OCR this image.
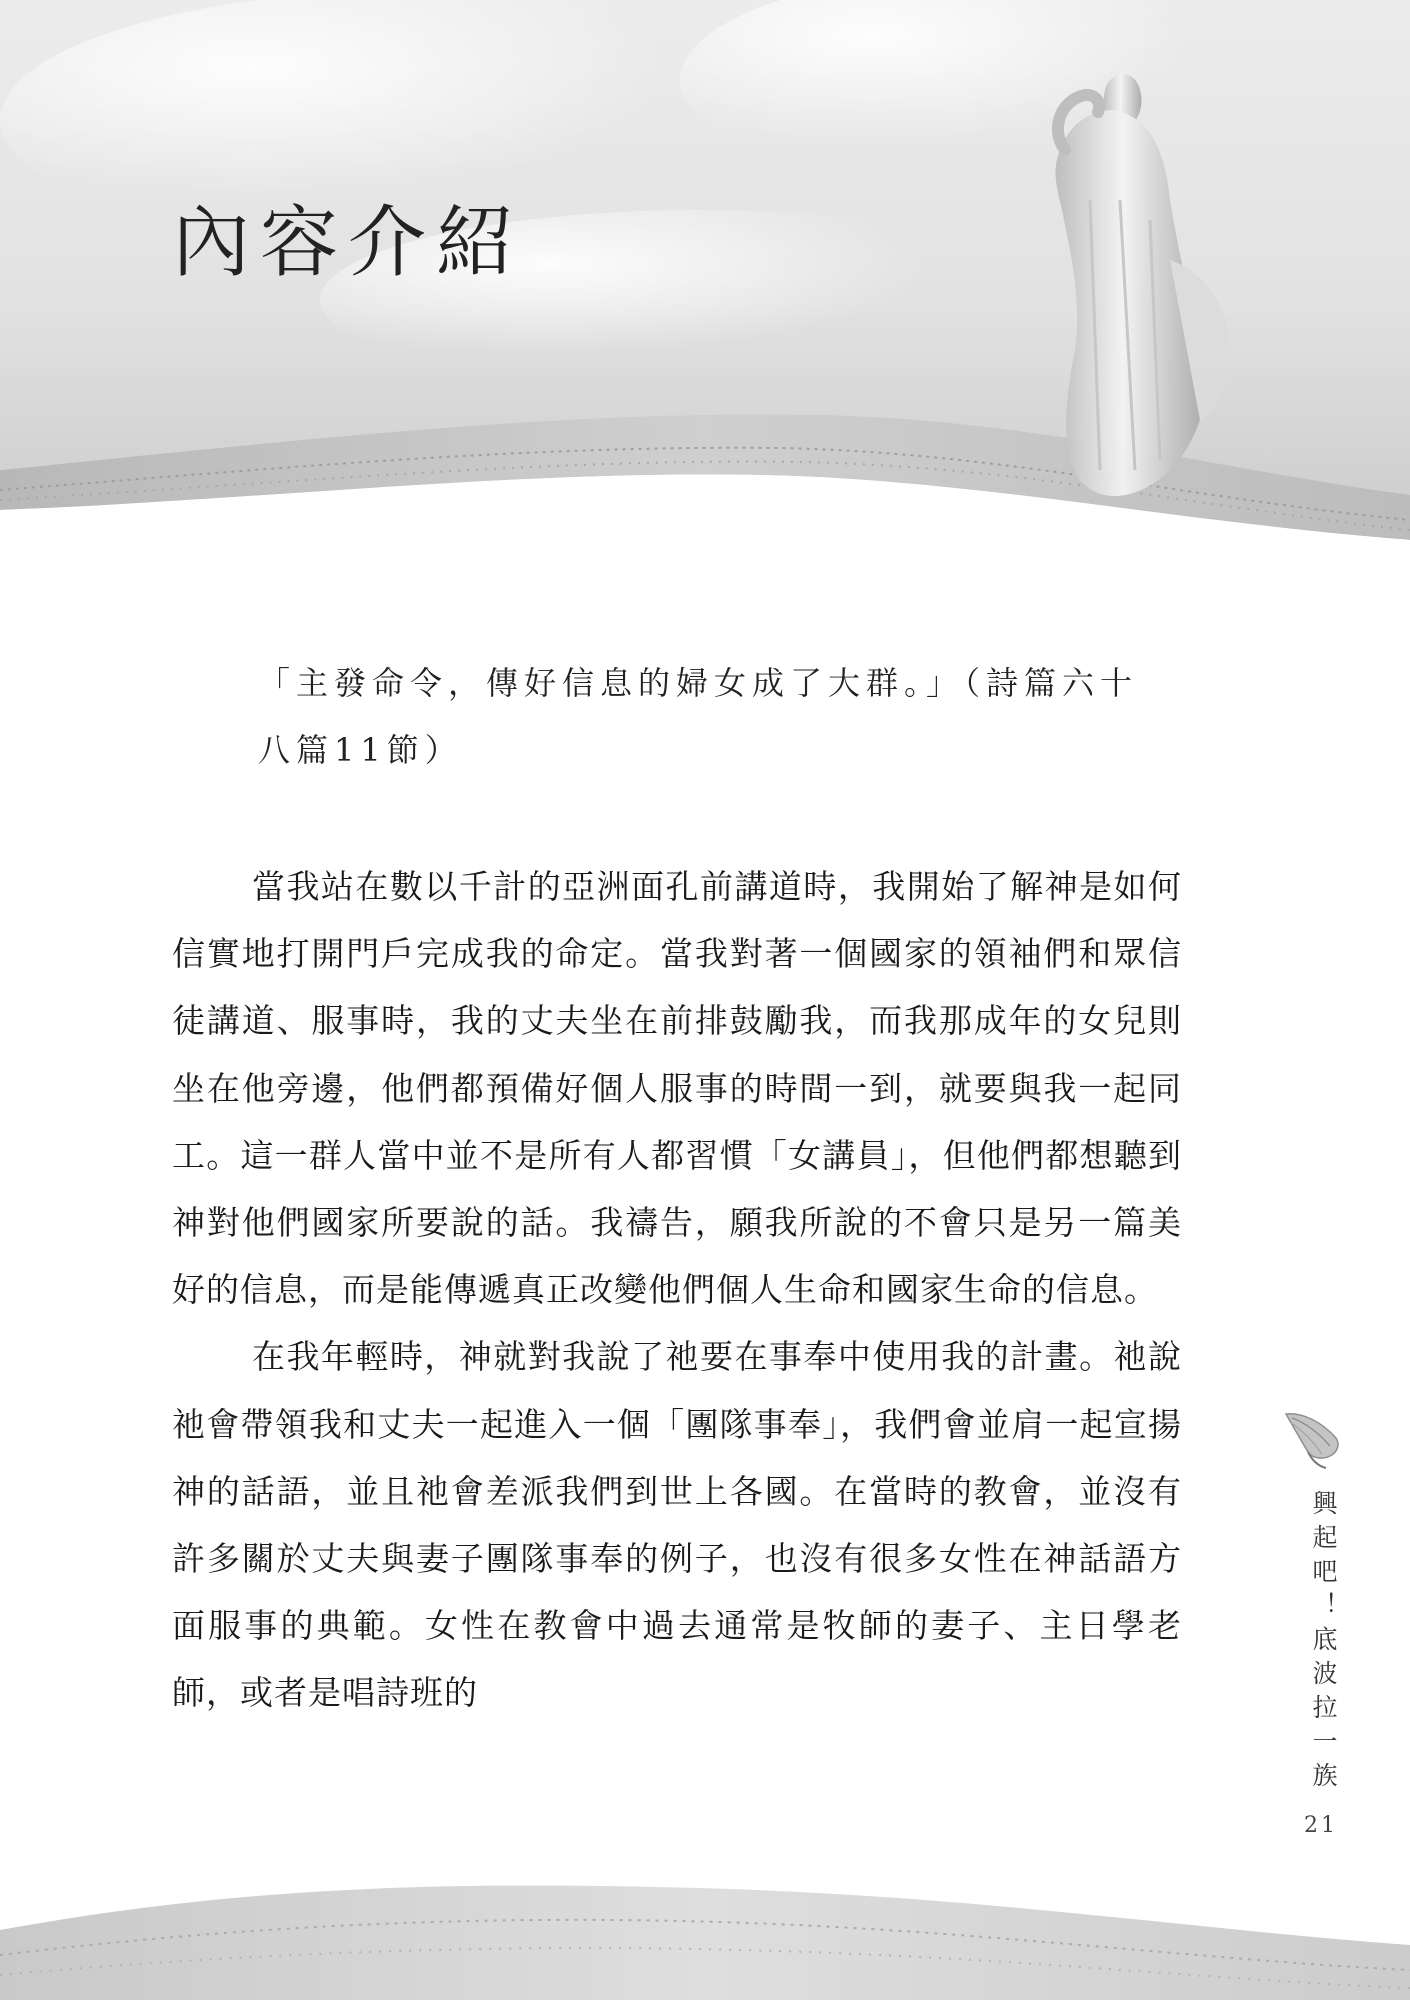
內容介紹

「主發命令，傳好信息的婦女成了大群。」（詩篇六十八篇11節）

當我站在數以千計的亞洲面孔前講道時，我開始了解神是如何信實地打開門戶完成我的命定。當我對著一個國家的領袖們和眾信徒講道、服事時，我的丈夫坐在前排鼓勵我，而我那成年的女兒則坐在他旁邊，他們都預備好個人服事的時間一到，就要與我一起同工。這一群人當中並不是所有人都習慣「女講員」，但他們都想聽到神對他們國家所要說的話。我禱告，願我所說的不會只是另一篇美好的信息，而是能傳遞真正改變他們個人生命和國家生命的信息。

在我年輕時，神就對我說了祂要在事奉中使用我的計畫。祂說祂會帶領我和丈夫一起進入一個「團隊事奉」，我們會並肩一起宣揚神的話語，並且祂會差派我們到世上各國。在當時的教會，並沒有許多關於丈夫與妻子團隊事奉的例子，也沒有很多女性在神話語方面服事的典範。女性在教會中過去通常是牧師的妻子、主日學老師，或者是唱詩班的	興起吧！底波拉一族
21
